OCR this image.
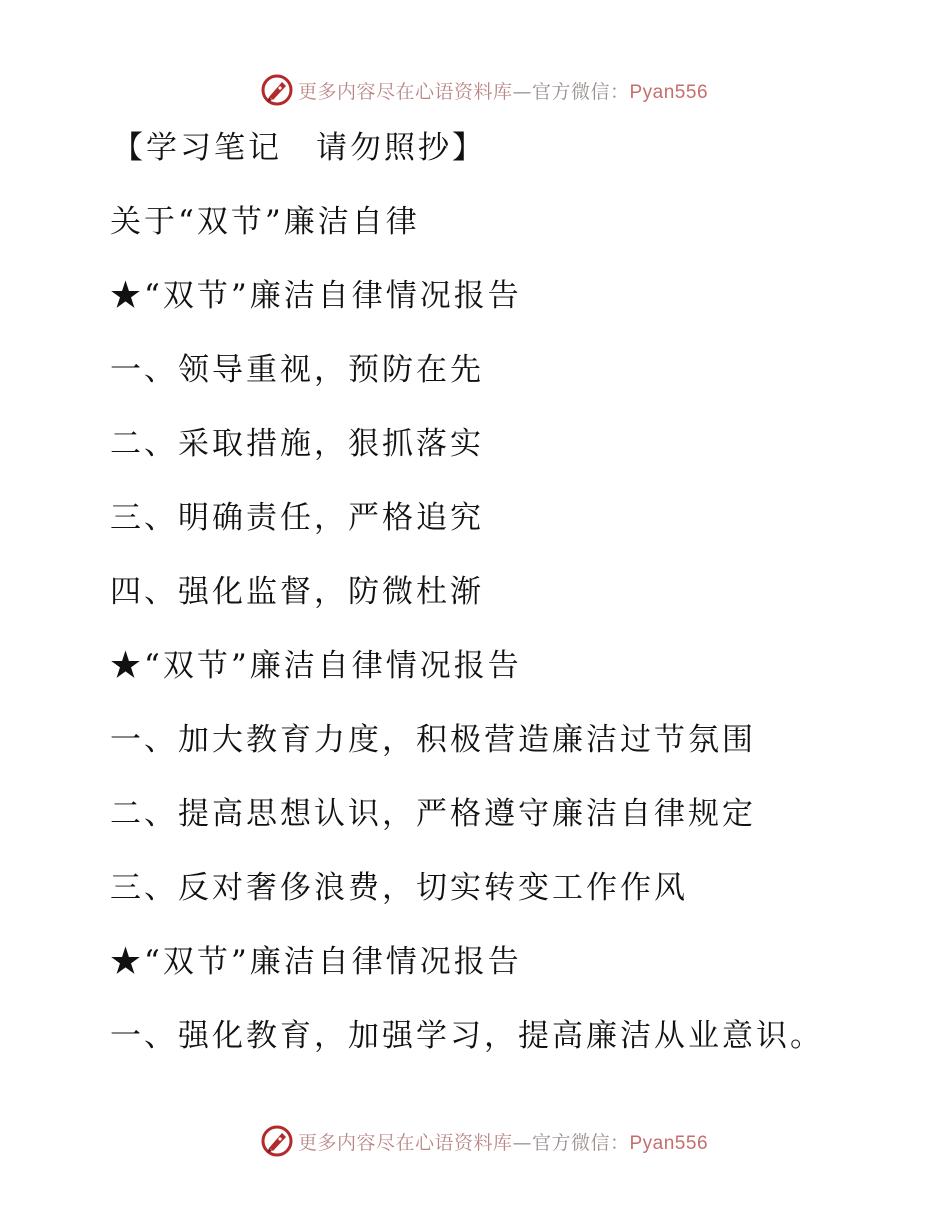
更多内容尽在心语资料库—官方微信：Pyan556
【学习笔记　请勿照抄】
关于“双节”廉洁自律
★“双节”廉洁自律情况报告
一、领导重视，预防在先
二、采取措施，狠抓落实
三、明确责任，严格追究
四、强化监督，防微杜渐
★“双节”廉洁自律情况报告
一、加大教育力度，积极营造廉洁过节氛围
二、提高思想认识，严格遵守廉洁自律规定
三、反对奢侈浪费，切实转变工作作风
★“双节”廉洁自律情况报告
一、强化教育，加强学习，提高廉洁从业意识。
更多内容尽在心语资料库—官方微信：Pyan556
